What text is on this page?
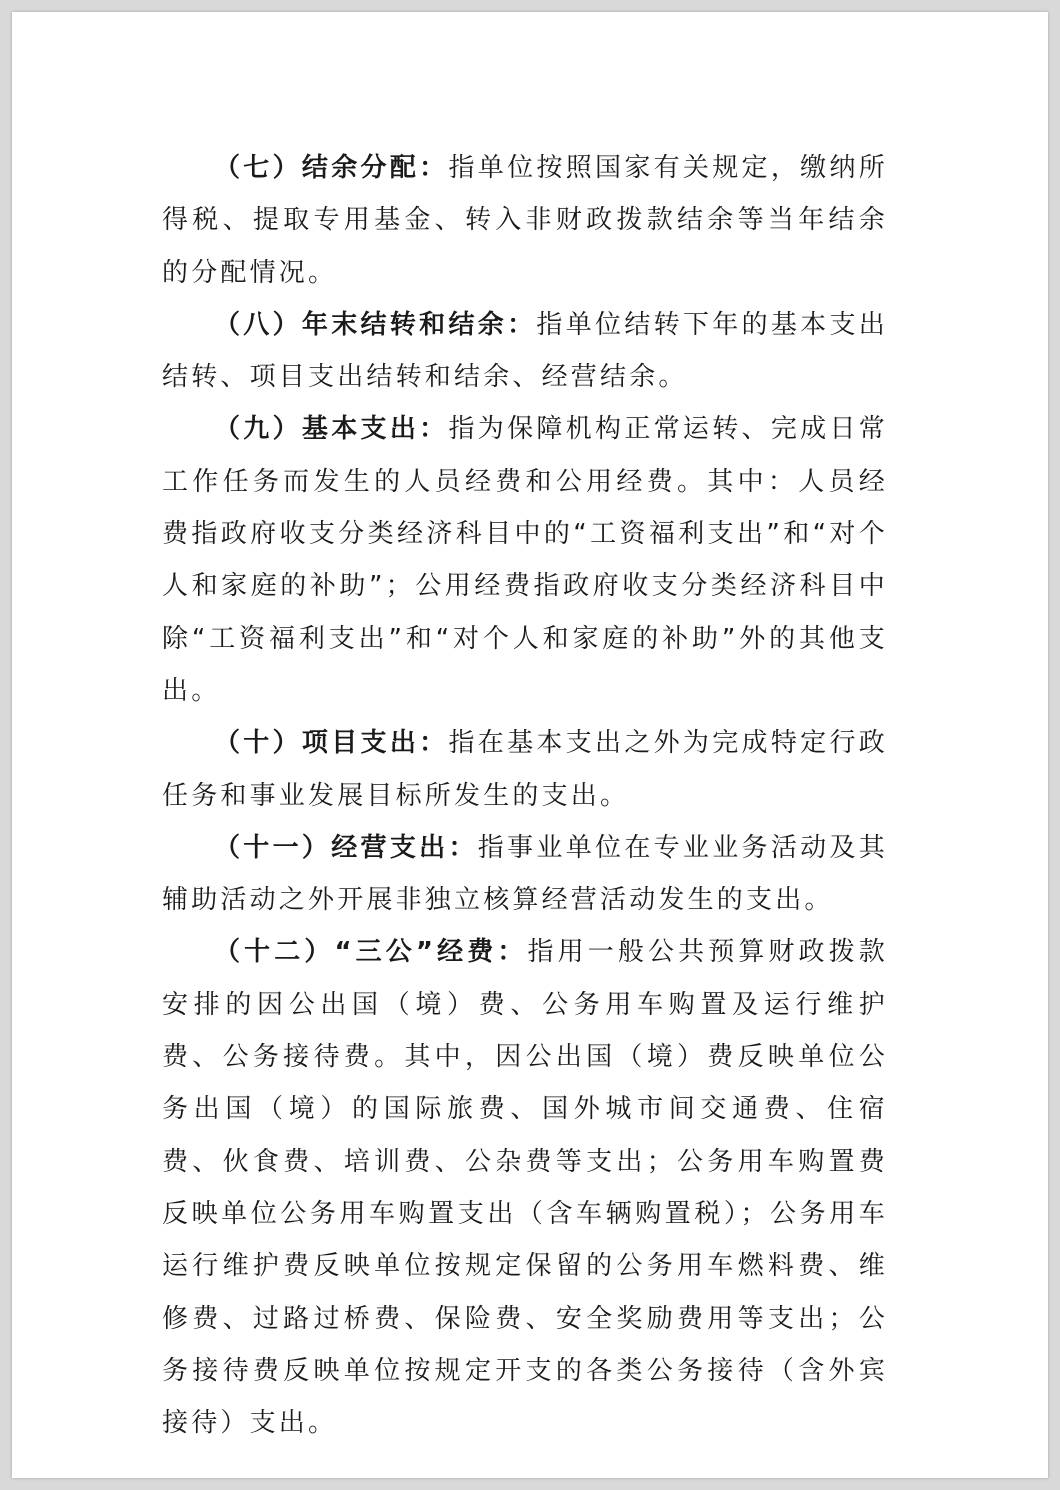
（七）结余分配：指单位按照国家有关规定，缴纳所得税、提取专用基金、转入非财政拨款结余等当年结余的分配情况。

（八）年末结转和结余：指单位结转下年的基本支出结转、项目支出结转和结余、经营结余。

（九）基本支出：指为保障机构正常运转、完成日常工作任务而发生的人员经费和公用经费。其中：人员经费指政府收支分类经济科目中的“工资福利支出”和“对个人和家庭的补助”；公用经费指政府收支分类经济科目中除“工资福利支出”和“对个人和家庭的补助”外的其他支出。

（十）项目支出：指在基本支出之外为完成特定行政任务和事业发展目标所发生的支出。

（十一）经营支出：指事业单位在专业业务活动及其辅助活动之外开展非独立核算经营活动发生的支出。

（十二）“三公”经费：指用一般公共预算财政拨款安排的因公出国（境）费、公务用车购置及运行维护费、公务接待费。其中，因公出国（境）费反映单位公务出国（境）的国际旅费、国外城市间交通费、住宿费、伙食费、培训费、公杂费等支出；公务用车购置费反映单位公务用车购置支出（含车辆购置税）；公务用车运行维护费反映单位按规定保留的公务用车燃料费、维修费、过路过桥费、保险费、安全奖励费用等支出；公务接待费反映单位按规定开支的各类公务接待（含外宾接待）支出。
